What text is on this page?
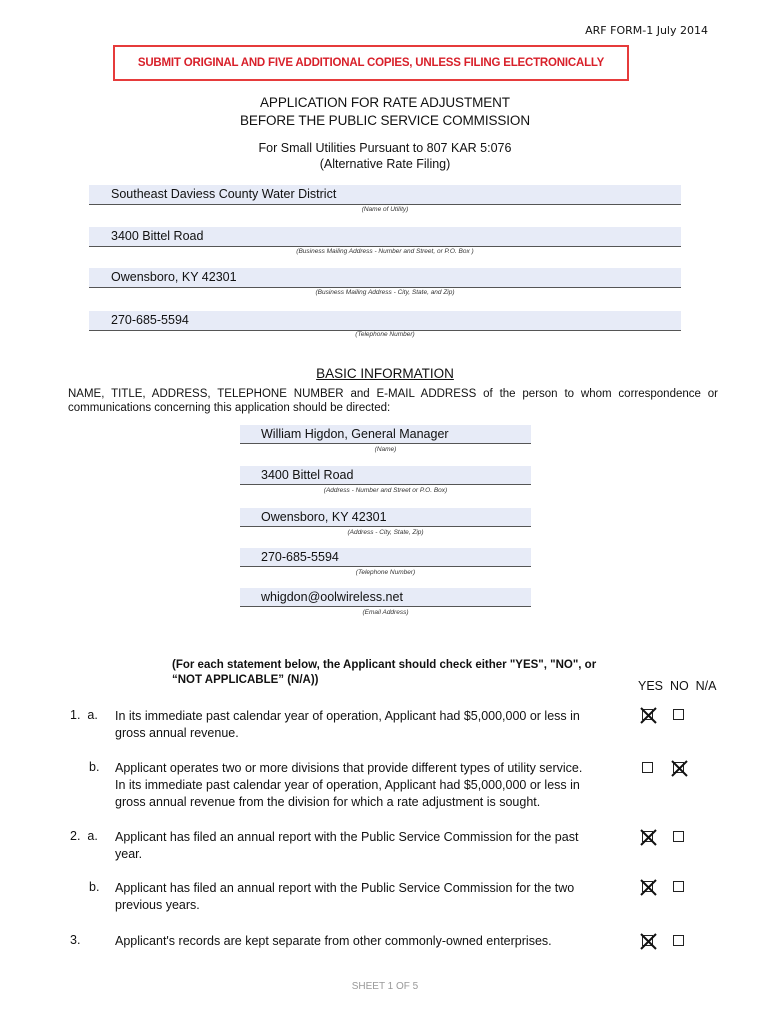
ARF FORM-1 July 2014
SUBMIT ORIGINAL AND FIVE ADDITIONAL COPIES, UNLESS FILING ELECTRONICALLY
APPLICATION FOR RATE ADJUSTMENT
BEFORE THE PUBLIC SERVICE COMMISSION
For Small Utilities Pursuant to 807 KAR 5:076
(Alternative Rate Filing)
Southeast Daviess County Water District
(Name of Utility)
3400 Bittel Road
(Business Mailing Address - Number and Street, or P.O. Box )
Owensboro, KY 42301
(Business Mailing Address - City, State, and Zip)
270-685-5594
(Telephone Number)
BASIC INFORMATION
NAME, TITLE, ADDRESS, TELEPHONE NUMBER and E-MAIL ADDRESS of the person to whom correspondence or
communications concerning this application should be directed:
William Higdon, General Manager
(Name)
3400 Bittel Road
(Address - Number and Street or P.O. Box)
Owensboro, KY 42301
(Address - City, State, Zip)
270-685-5594
(Telephone Number)
whigdon@oolwireless.net
(Email Address)
(For each statement below, the Applicant should check either "YES", "NO", or
“NOT APPLICABLE” (N/A))	YES  NO  N/A
1.  a. In its immediate past calendar year of operation, Applicant had $5,000,000 or less in
gross annual revenue.
b. Applicant operates two or more divisions that provide different types of utility service.
In its immediate past calendar year of operation, Applicant had $5,000,000 or less in
gross annual revenue from the division for which a rate adjustment is sought.
2.  a. Applicant has filed an annual report with the Public Service Commission for the past
year.
b. Applicant has filed an annual report with the Public Service Commission for the two
previous years.
3.	Applicant's records are kept separate from other commonly-owned enterprises.
SHEET 1 OF 5
